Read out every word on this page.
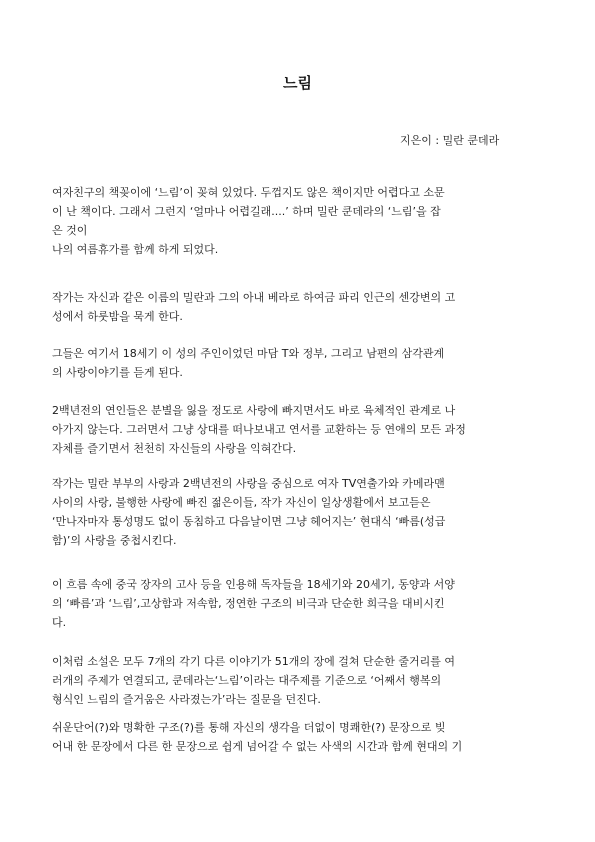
느림

지은이 : 밀란 쿤데라

여자친구의 책꽂이에 ‘느림’이 꽂혀 있었다. 두껍지도 않은 책이지만 어렵다고 소문
이 난 책이다. 그래서 그런지 ‘얼마나 어렵길래....’ 하며 밀란 쿤데라의 ‘느림’을 잡
은 것이
나의 여름휴가를 함께 하게 되었다.
작가는 자신과 같은 이름의 밀란과 그의 아내 베라로 하여금 파리 인근의 센강변의 고
성에서 하룻밤을 묵게 한다.
그들은 여기서 18세기 이 성의 주인이었던 마담 T와 정부, 그리고 남편의 삼각관계
의 사랑이야기를 듣게 된다.
2백년전의 연인들은 분별을 잃을 정도로 사랑에 빠지면서도 바로 육체적인 관계로 나
아가지 않는다. 그러면서 그냥 상대를 떠나보내고 연서를 교환하는 등 연애의 모든 과정
자체를 즐기면서 천천히 자신들의 사랑을 익혀간다.
작가는 밀란 부부의 사랑과 2백년전의 사랑을 중심으로 여자 TV연출가와 카메라맨
사이의 사랑, 불행한 사랑에 빠진 젊은이들, 작가 자신이 일상생활에서 보고듣은
‘만나자마자 통성명도 없이 동침하고 다음날이면 그냥 헤어지는’ 현대식 ‘빠름(성급
함)’의 사랑을 중첩시킨다.
이 흐름 속에 중국 장자의 고사 등을 인용해 독자들을 18세기와 20세기, 동양과 서양
의 ‘빠름’과 ‘느림’,고상함과 저속함, 정연한 구조의 비극과 단순한 희극을 대비시킨
다.
이처럼 소설은 모두 7개의 각기 다른 이야기가 51개의 장에 걸쳐 단순한 줄거리를 여
러개의 주제가 연결되고, 쿤데라는‘느림’이라는 대주제를 기준으로 ‘어째서 행복의
형식인 느림의 즐거움은 사라졌는가’라는 질문을 던진다.
쉬운단어(?)와 명확한 구조(?)를 통해 자신의 생각을 더없이 명쾌한(?) 문장으로 빚
어내 한 문장에서 다른 한 문장으로 쉽게 넘어갈 수 없는 사색의 시간과 함께 현대의 기
